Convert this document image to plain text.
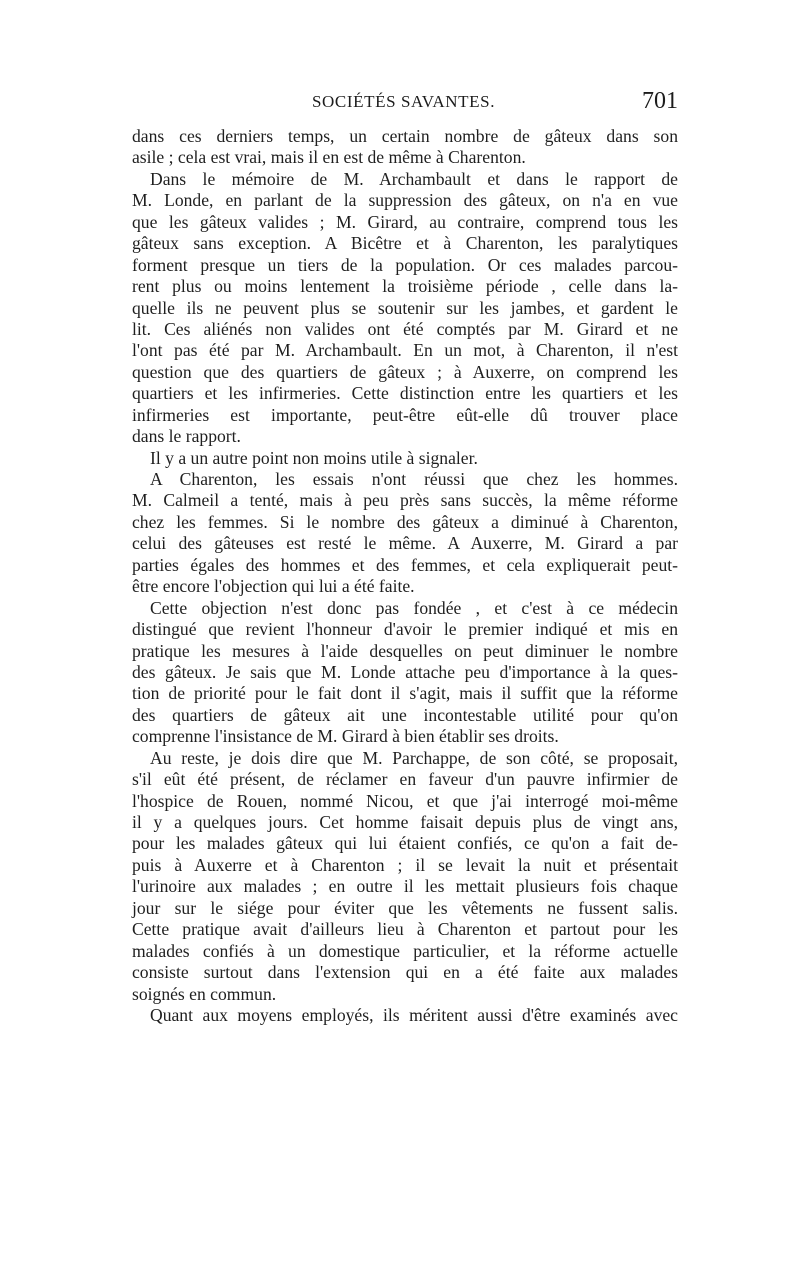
SOCIÉTÉS SAVANTES.	701
dans ces derniers temps, un certain nombre de gâteux dans son
asile ; cela est vrai, mais il en est de même à Charenton.
Dans le mémoire de M. Archambault et dans le rapport de
M. Londe, en parlant de la suppression des gâteux, on n'a en vue
que les gâteux valides ; M. Girard, au contraire, comprend tous les
gâteux sans exception. A Bicêtre et à Charenton, les paralytiques
forment presque un tiers de la population. Or ces malades parcou-
rent plus ou moins lentement la troisième période , celle dans la-
quelle ils ne peuvent plus se soutenir sur les jambes, et gardent le
lit. Ces aliénés non valides ont été comptés par M. Girard et ne
l'ont pas été par M. Archambault. En un mot, à Charenton, il n'est
question que des quartiers de gâteux ; à Auxerre, on comprend les
quartiers et les infirmeries. Cette distinction entre les quartiers et les
infirmeries est importante, peut-être eût-elle dû trouver place
dans le rapport.
Il y a un autre point non moins utile à signaler.
A Charenton, les essais n'ont réussi que chez les hommes.
M. Calmeil a tenté, mais à peu près sans succès, la même réforme
chez les femmes. Si le nombre des gâteux a diminué à Charenton,
celui des gâteuses est resté le même. A Auxerre, M. Girard a par
parties égales des hommes et des femmes, et cela expliquerait peut-
être encore l'objection qui lui a été faite.
Cette objection n'est donc pas fondée , et c'est à ce médecin
distingué que revient l'honneur d'avoir le premier indiqué et mis en
pratique les mesures à l'aide desquelles on peut diminuer le nombre
des gâteux. Je sais que M. Londe attache peu d'importance à la ques-
tion de priorité pour le fait dont il s'agit, mais il suffit que la réforme
des quartiers de gâteux ait une incontestable utilité pour qu'on
comprenne l'insistance de M. Girard à bien établir ses droits.
Au reste, je dois dire que M. Parchappe, de son côté, se proposait,
s'il eût été présent, de réclamer en faveur d'un pauvre infirmier de
l'hospice de Rouen, nommé Nicou, et que j'ai interrogé moi-même
il y a quelques jours. Cet homme faisait depuis plus de vingt ans,
pour les malades gâteux qui lui étaient confiés, ce qu'on a fait de-
puis à Auxerre et à Charenton ; il se levait la nuit et présentait
l'urinoire aux malades ; en outre il les mettait plusieurs fois chaque
jour sur le siége pour éviter que les vêtements ne fussent salis.
Cette pratique avait d'ailleurs lieu à Charenton et partout pour les
malades confiés à un domestique particulier, et la réforme actuelle
consiste surtout dans l'extension qui en a été faite aux malades
soignés en commun.
Quant aux moyens employés, ils méritent aussi d'être examinés avec
